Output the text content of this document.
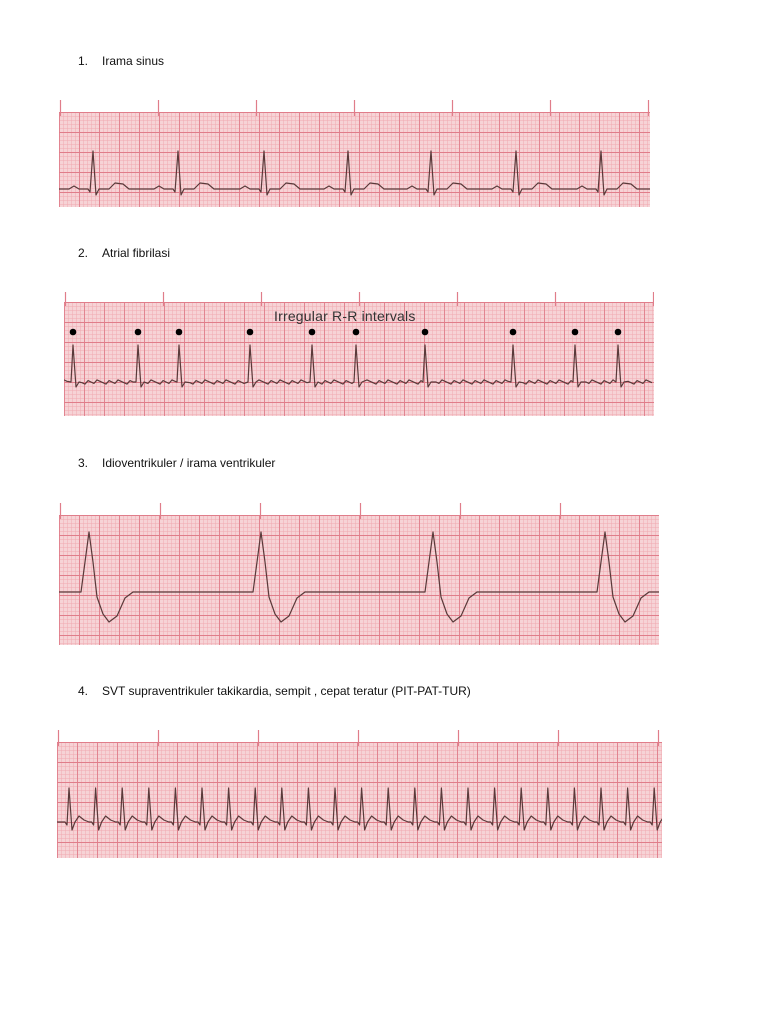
1. Irama sinus
2. Atrial fibrilasi
Irregular R-R intervals
3. Idioventrikuler / irama ventrikuler
4. SVT supraventrikuler takikardia, sempit , cepat teratur (PIT-PAT-TUR)
